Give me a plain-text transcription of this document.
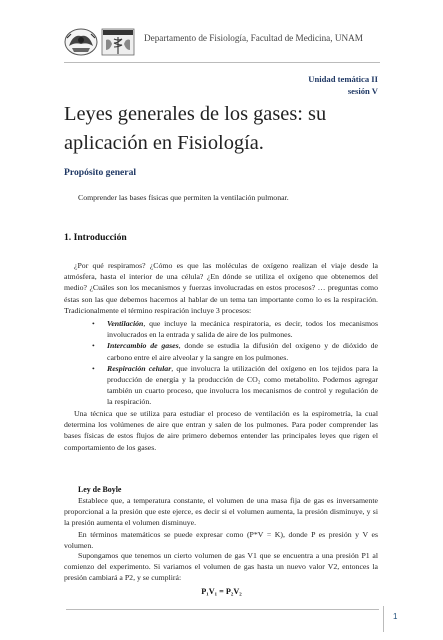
Departamento de Fisiología, Facultad de Medicina, UNAM
Unidad temática II
sesión V
Leyes generales de los gases: su
aplicación en Fisiología.
Propósito general
Comprender las bases físicas que permiten la ventilación pulmonar.
1. Introducción

¿Por qué respiramos? ¿Cómo es que las moléculas de oxígeno realizan el viaje desde la atmósfera, hasta el interior de una célula? ¿En dónde se utiliza el oxígeno que obtenemos del medio? ¿Cuáles son los mecanismos y fuerzas involucradas en estos procesos? … preguntas como éstas son las que debemos hacernos al hablar de un tema tan importante como lo es la respiración. Tradicionalmente el término respiración incluye 3 procesos:

• Ventilación, que incluye la mecánica respiratoria, es decir, todos los mecanismos involucrados en la entrada y salida de aire de los pulmones.
• Intercambio de gases, donde se estudia la difusión del oxígeno y de dióxido de carbono entre el aire alveolar y la sangre en los pulmones.
• Respiración celular, que involucra la utilización del oxígeno en los tejidos para la producción de energía y la producción de CO₂ como metabolito. Podemos agregar también un cuarto proceso, que involucra los mecanismos de control y regulación de la respiración.

Una técnica que se utiliza para estudiar el proceso de ventilación es la espirometría, la cual determina los volúmenes de aire que entran y salen de los pulmones. Para poder comprender las bases físicas de estos flujos de aire primero debemos entender las principales leyes que rigen el comportamiento de los gases.

Ley de Boyle

Establece que, a temperatura constante, el volumen de una masa fija de gas es inversamente proporcional a la presión que este ejerce, es decir si el volumen aumenta, la presión disminuye, y si la presión aumenta el volumen disminuye.

En términos matemáticos se puede expresar como (P*V = K), donde P es presión y V es volumen.

Supongamos que tenemos un cierto volumen de gas V1 que se encuentra a una presión P1 al comienzo del experimento. Si variamos el volumen de gas hasta un nuevo valor V2, entonces la presión cambiará a P2, y se cumplirá:

P₁V₁ = P₂V₂
1
